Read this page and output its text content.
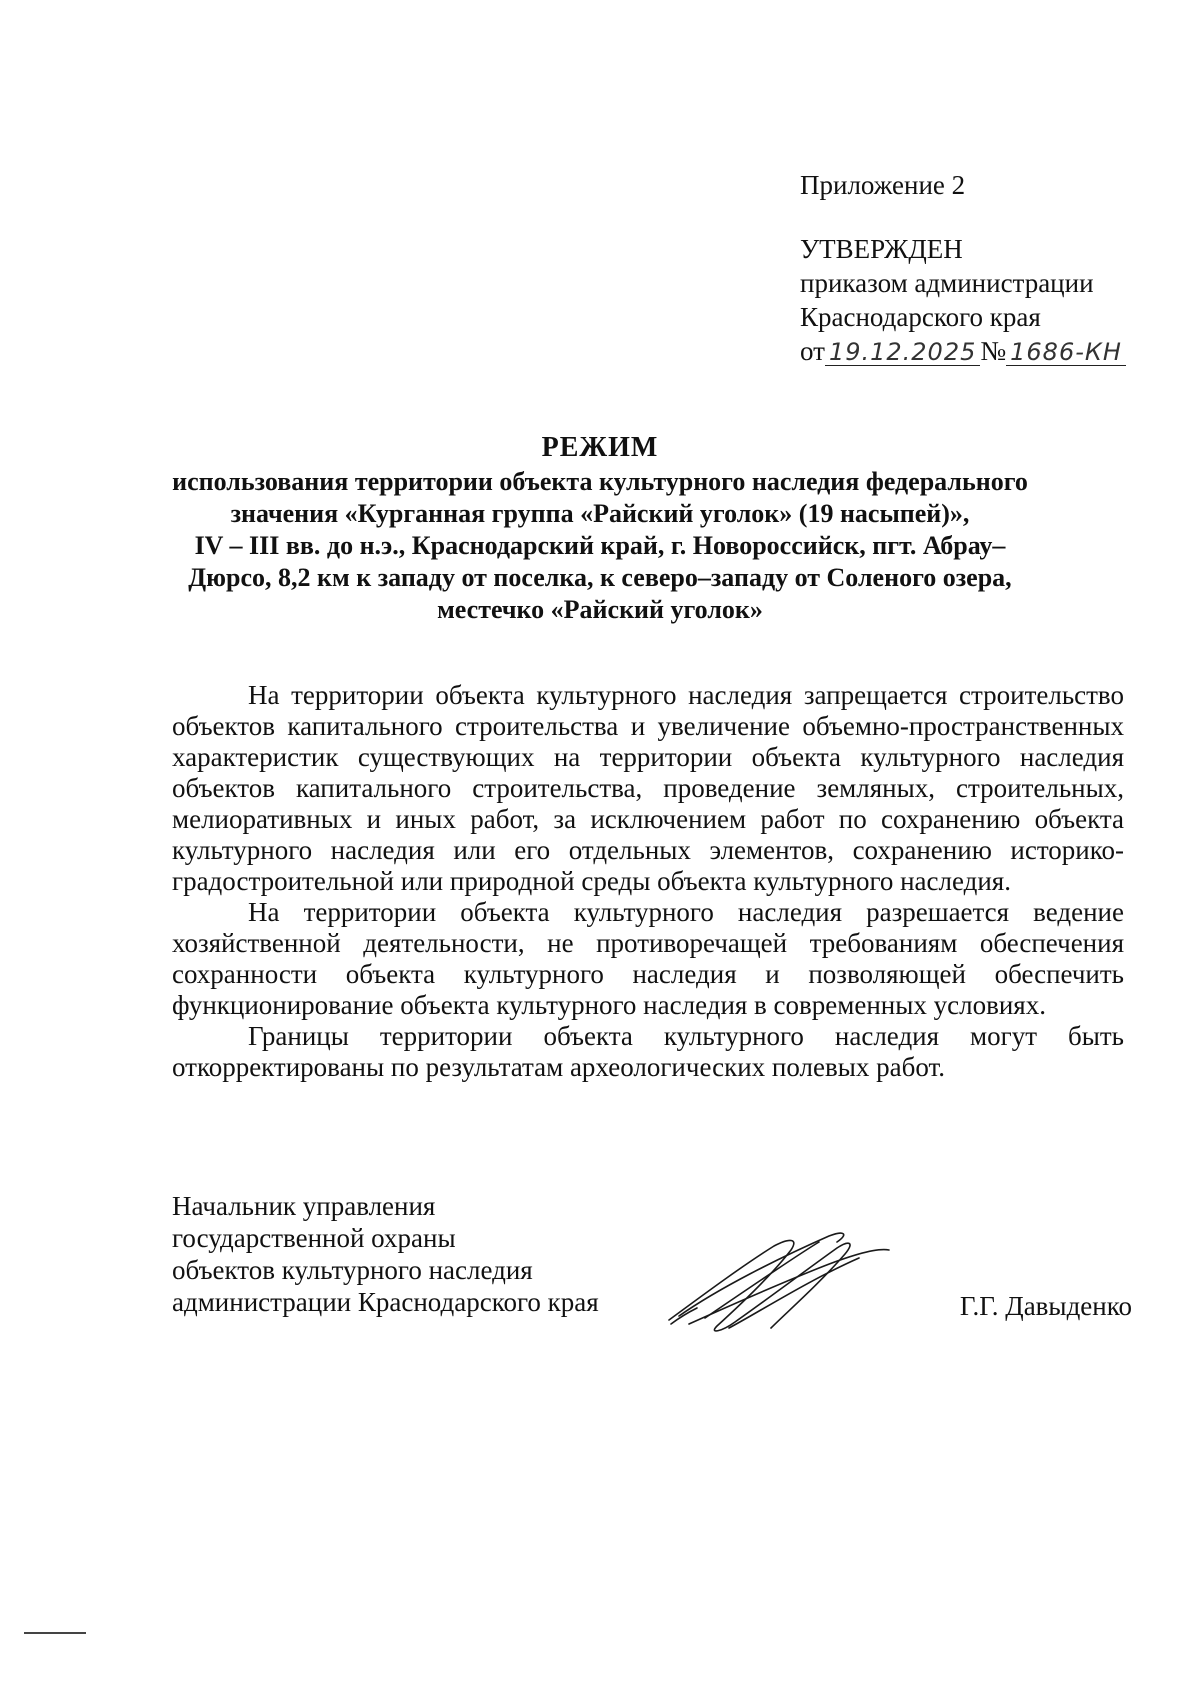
Приложение 2
УТВЕРЖДЕН
приказом администрации
Краснодарского края
от 19.12.2025 № 1686-КН
РЕЖИМ
использования территории объекта культурного наследия федерального
значения «Курганная группа «Райский уголок» (19 насыпей)»,
IV – III вв. до н.э., Краснодарский край, г. Новороссийск, пгт. Абрау–
Дюрсо, 8,2 км к западу от поселка, к северо–западу от Соленого озера,
местечко «Райский уголок»

На территории объекта культурного наследия запрещается строительство объектов капитального строительства и увеличение объемно-пространственных характеристик существующих на территории объекта культурного наследия объектов капитального строительства, проведение земляных, строительных, мелиоративных и иных работ, за исключением работ по сохранению объекта культурного наследия или его отдельных элементов, сохранению историко-градостроительной или природной среды объекта культурного наследия.

На территории объекта культурного наследия разрешается ведение хозяйственной деятельности, не противоречащей требованиям обеспечения сохранности объекта культурного наследия и позволяющей обеспечить функционирование объекта культурного наследия в современных условиях.

Границы территории объекта культурного наследия могут быть откорректированы по результатам археологических полевых работ.

Начальник управления
государственной охраны
объектов культурного наследия
администрации Краснодарского края	Г.Г. Давыденко
